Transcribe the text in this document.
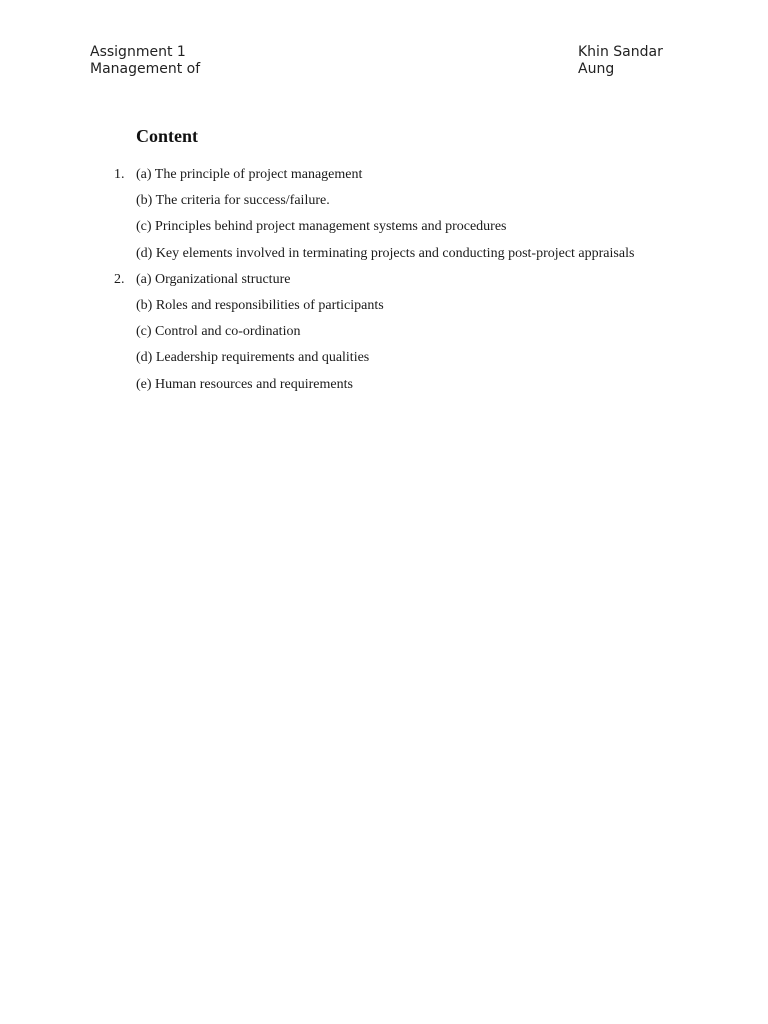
Assignment 1
Management of
Khin Sandar
Aung
Content
1. (a) The principle of project management
(b) The criteria for success/failure.
(c) Principles behind project management systems and procedures
(d) Key elements involved in terminating projects and conducting post-project appraisals
2. (a) Organizational structure
(b) Roles and responsibilities of participants
(c) Control and co-ordination
(d) Leadership requirements and qualities
(e) Human resources and requirements
